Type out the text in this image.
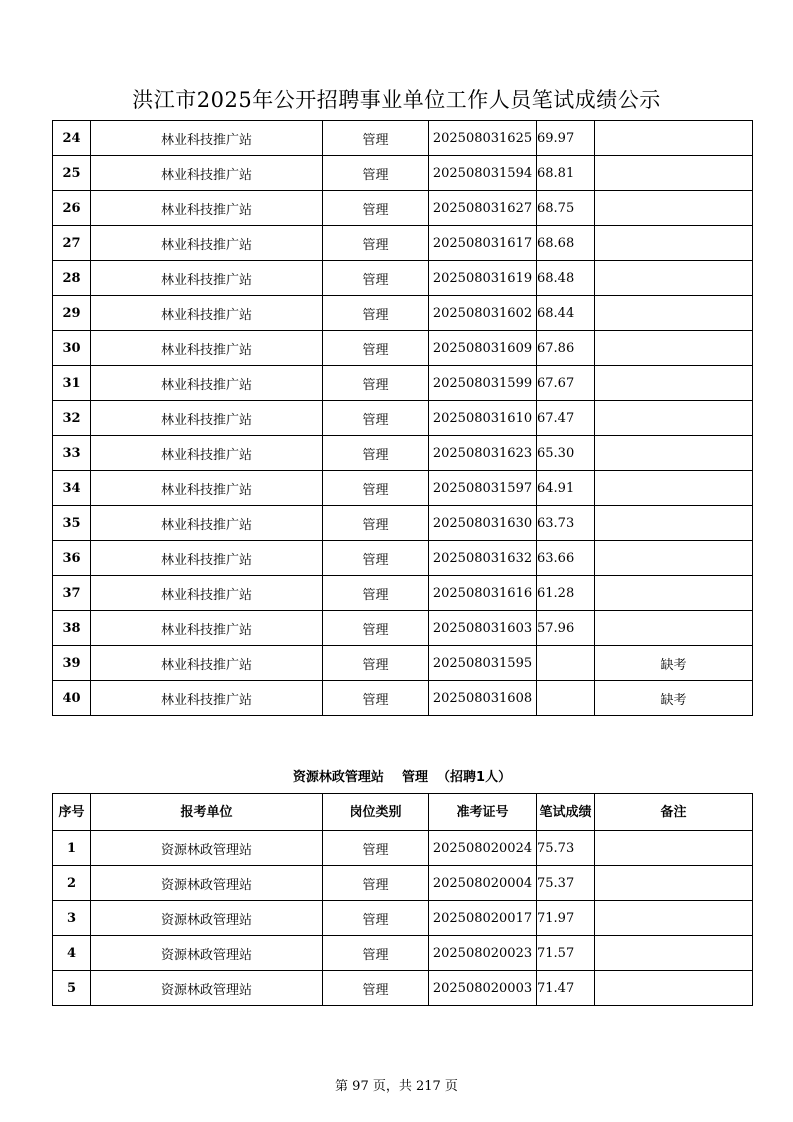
洪江市2025年公开招聘事业单位工作人员笔试成绩公示
24	林业科技推广站	管理	202508031625	69.97	
25	林业科技推广站	管理	202508031594	68.81	
26	林业科技推广站	管理	202508031627	68.75	
27	林业科技推广站	管理	202508031617	68.68	
28	林业科技推广站	管理	202508031619	68.48	
29	林业科技推广站	管理	202508031602	68.44	
30	林业科技推广站	管理	202508031609	67.86	
31	林业科技推广站	管理	202508031599	67.67	
32	林业科技推广站	管理	202508031610	67.47	
33	林业科技推广站	管理	202508031623	65.30	
34	林业科技推广站	管理	202508031597	64.91	
35	林业科技推广站	管理	202508031630	63.73	
36	林业科技推广站	管理	202508031632	63.66	
37	林业科技推广站	管理	202508031616	61.28	
38	林业科技推广站	管理	202508031603	57.96	
39	林业科技推广站	管理	202508031595		缺考
40	林业科技推广站	管理	202508031608		缺考
资源林政管理站    管理  （招聘1人）
序号	报考单位	岗位类别	准考证号	笔试成绩	备注
1	资源林政管理站	管理	202508020024	75.73	
2	资源林政管理站	管理	202508020004	75.37	
3	资源林政管理站	管理	202508020017	71.97	
4	资源林政管理站	管理	202508020023	71.57	
5	资源林政管理站	管理	202508020003	71.47	
第 97 页，共 217 页
